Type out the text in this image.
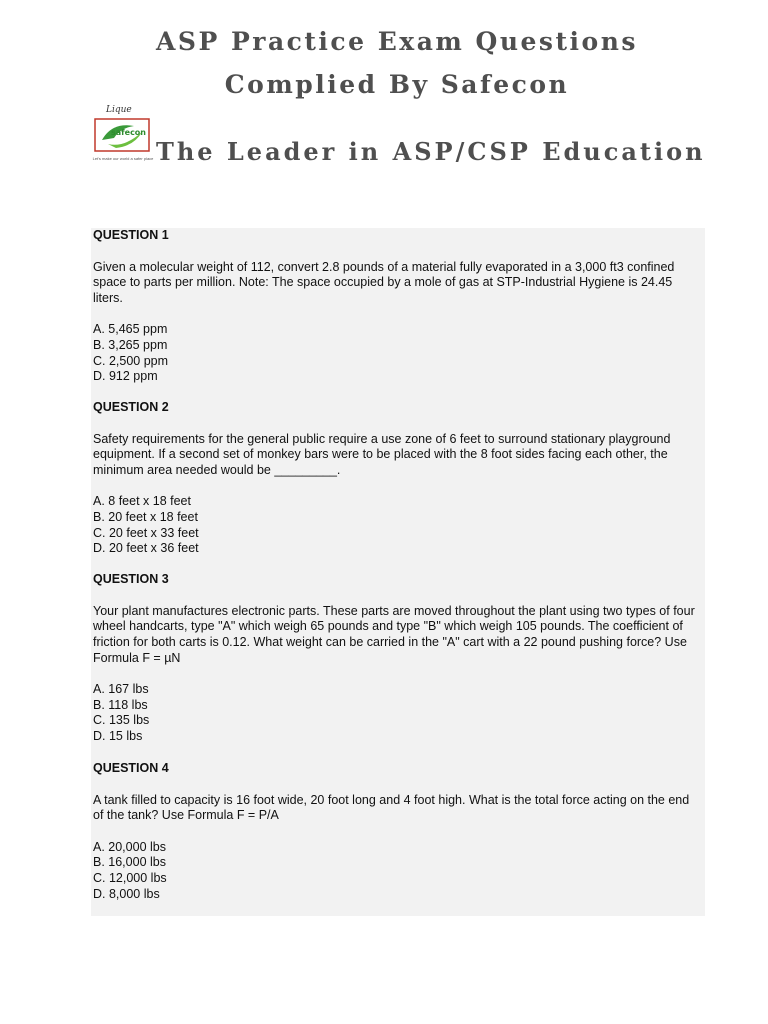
ASP Practice Exam Questions
Complied By Safecon
Lique
safecon
Let's make our world a safer place The Leader in ASP/CSP Education
QUESTION 1
Given a molecular weight of 112, convert 2.8 pounds of a material fully evaporated in a 3,000 ft3 confined space to parts per million. Note: The space occupied by a mole of gas at STP-Industrial Hygiene is 24.45 liters.
A. 5,465 ppm
B. 3,265 ppm
C. 2,500 ppm
D. 912 ppm
QUESTION 2
Safety requirements for the general public require a use zone of 6 feet to surround stationary playground equipment. If a second set of monkey bars were to be placed with the 8 foot sides facing each other, the minimum area needed would be _________.
A. 8 feet x 18 feet
B. 20 feet x 18 feet
C. 20 feet x 33 feet
D. 20 feet x 36 feet
QUESTION 3
Your plant manufactures electronic parts. These parts are moved throughout the plant using two types of four wheel handcarts, type "A" which weigh 65 pounds and type "B" which weigh 105 pounds. The coefficient of friction for both carts is 0.12. What weight can be carried in the "A" cart with a 22 pound pushing force? Use Formula F = µN
A. 167 lbs
B. 118 lbs
C. 135 lbs
D. 15 lbs
QUESTION 4
A tank filled to capacity is 16 foot wide, 20 foot long and 4 foot high. What is the total force acting on the end of the tank? Use Formula F = P/A
A. 20,000 lbs
B. 16,000 lbs
C. 12,000 lbs
D. 8,000 lbs
